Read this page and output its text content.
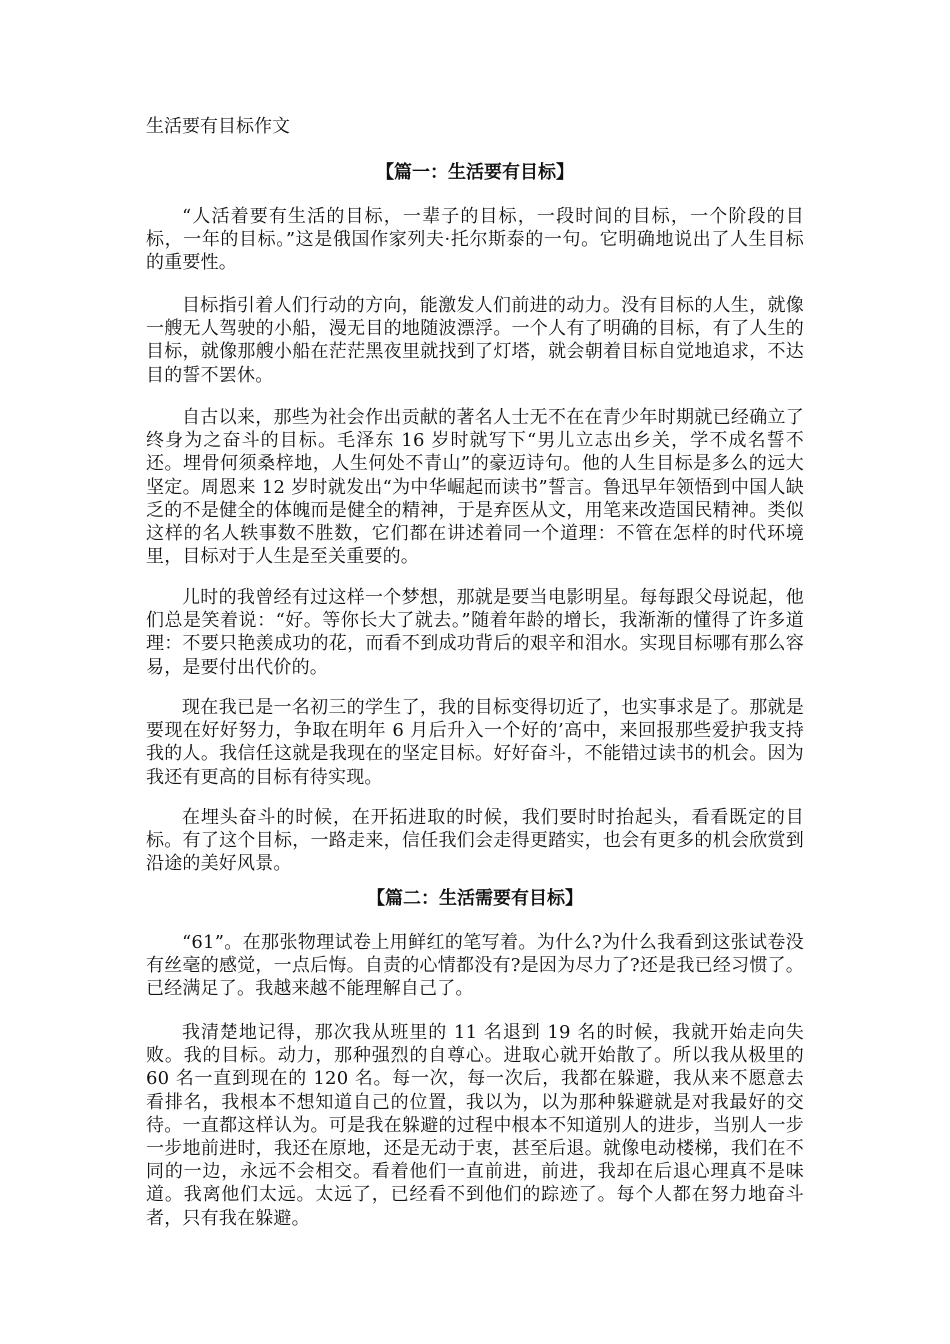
生活要有目标作文
【篇一：生活要有目标】

“人活着要有生活的目标，一辈子的目标，一段时间的目标，一个阶段的目标，一年的目标。”这是俄国作家列夫·托尔斯泰的一句。它明确地说出了人生目标的重要性。

目标指引着人们行动的方向，能激发人们前进的动力。没有目标的人生，就像一艘无人驾驶的小船，漫无目的地随波漂浮。一个人有了明确的目标，有了人生的目标，就像那艘小船在茫茫黑夜里就找到了灯塔，就会朝着目标自觉地追求，不达目的誓不罢休。

自古以来，那些为社会作出贡献的著名人士无不在在青少年时期就已经确立了终身为之奋斗的目标。毛泽东 16 岁时就写下“男儿立志出乡关，学不成名誓不还。埋骨何须桑梓地，人生何处不青山”的豪迈诗句。他的人生目标是多么的远大坚定。周恩来 12 岁时就发出“为中华崛起而读书”誓言。鲁迅早年领悟到中国人缺乏的不是健全的体魄而是健全的精神，于是弃医从文，用笔来改造国民精神。类似这样的名人轶事数不胜数，它们都在讲述着同一个道理：不管在怎样的时代环境里，目标对于人生是至关重要的。

儿时的我曾经有过这样一个梦想，那就是要当电影明星。每每跟父母说起，他们总是笑着说：“好。等你长大了就去。”随着年龄的增长，我渐渐的懂得了许多道理：不要只艳羡成功的花，而看不到成功背后的艰辛和泪水。实现目标哪有那么容易，是要付出代价的。

现在我已是一名初三的学生了，我的目标变得切近了，也实事求是了。那就是要现在好好努力，争取在明年 6 月后升入一个好的’高中，来回报那些爱护我支持我的人。我信任这就是我现在的坚定目标。好好奋斗，不能错过读书的机会。因为我还有更高的目标有待实现。

在埋头奋斗的时候，在开拓进取的时候，我们要时时抬起头，看看既定的目标。有了这个目标，一路走来，信任我们会走得更踏实，也会有更多的机会欣赏到沿途的美好风景。

【篇二：生活需要有目标】

“61”。在那张物理试卷上用鲜红的笔写着。为什么?为什么我看到这张试卷没有丝毫的感觉，一点后悔。自责的心情都没有?是因为尽力了?还是我已经习惯了。已经满足了。我越来越不能理解自己了。

我清楚地记得，那次我从班里的 11 名退到 19 名的时候，我就开始走向失败。我的目标。动力，那种强烈的自尊心。进取心就开始散了。所以我从极里的 60 名一直到现在的 120 名。每一次，每一次后，我都在躲避，我从来不愿意去看排名，我根本不想知道自己的位置，我以为，以为那种躲避就是对我最好的交待。一直都这样认为。可是我在躲避的过程中根本不知道别人的进步，当别人一步一步地前进时，我还在原地，还是无动于衷，甚至后退。就像电动楼梯，我们在不同的一边，永远不会相交。看着他们一直前进，前进，我却在后退心理真不是味道。我离他们太远。太远了，已经看不到他们的踪迹了。每个人都在努力地奋斗者，只有我在躲避。
